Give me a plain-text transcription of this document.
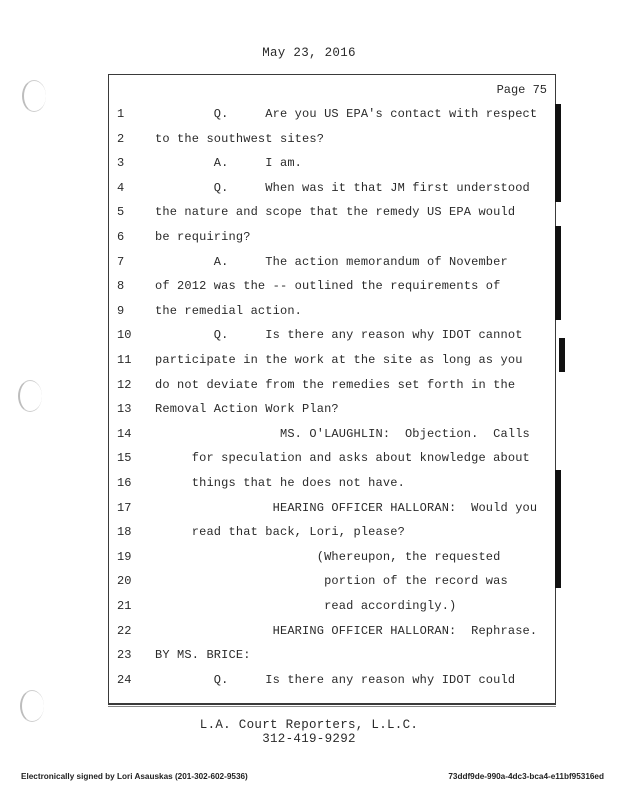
May 23, 2016
Page 75
1	Q.     Are you US EPA's contact with respect
2	to the southwest sites?
3	A.     I am.
4	Q.     When was it that JM first understood
5	the nature and scope that the remedy US EPA would
6	be requiring?
7	A.     The action memorandum of November
8	of 2012 was the -- outlined the requirements of
9	the remedial action.
10	Q.     Is there any reason why IDOT cannot
11	participate in the work at the site as long as you
12	do not deviate from the remedies set forth in the
13	Removal Action Work Plan?
14	MS. O'LAUGHLIN:  Objection.  Calls
15	for speculation and asks about knowledge about
16	things that he does not have.
17	HEARING OFFICER HALLORAN:  Would you
18	read that back, Lori, please?
19	(Whereupon, the requested
20	portion of the record was
21	read accordingly.)
22	HEARING OFFICER HALLORAN:  Rephrase.
23	BY MS. BRICE:
24	Q.     Is there any reason why IDOT could
L.A. Court Reporters, L.L.C.
312-419-9292
Electronically signed by Lori Asauskas (201-302-602-9536)	73ddf9de-990a-4dc3-bca4-e11bf95316ed
